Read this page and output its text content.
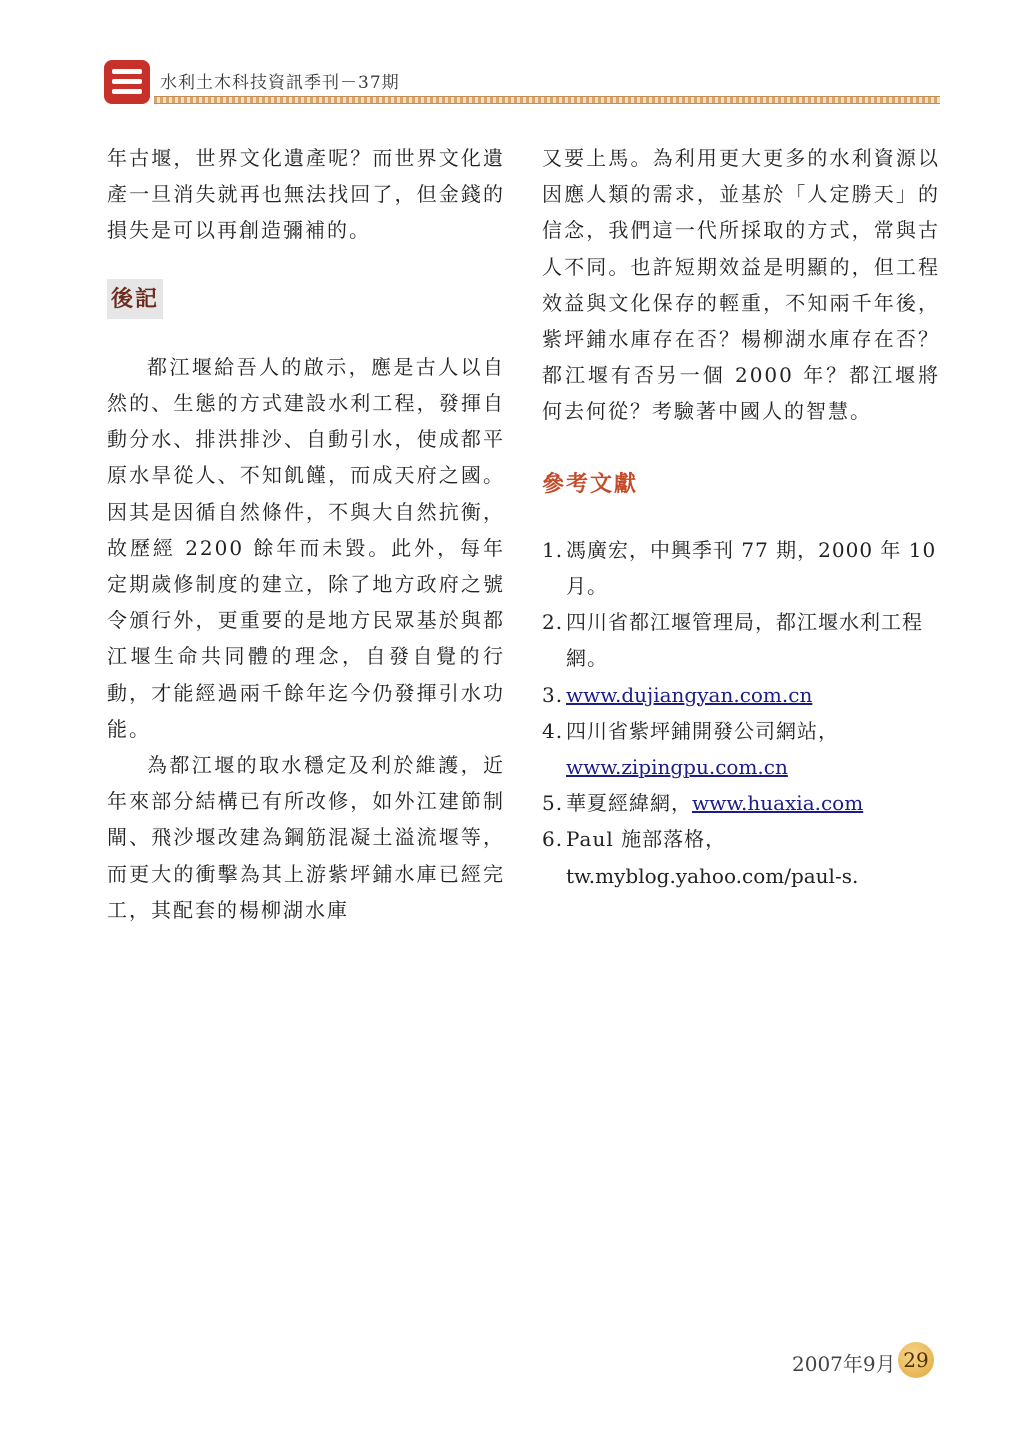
水利土木科技資訊季刊－37期

年古堰，世界文化遺產呢？而世界文化遺產一旦消失就再也無法找回了，但金錢的損失是可以再創造彌補的。

後記

都江堰給吾人的啟示，應是古人以自然的、生態的方式建設水利工程，發揮自動分水、排洪排沙、自動引水，使成都平原水旱從人、不知飢饉，而成天府之國。因其是因循自然條件，不與大自然抗衡，故歷經 2200 餘年而未毀。此外，每年定期歲修制度的建立，除了地方政府之號令頒行外，更重要的是地方民眾基於與都江堰生命共同體的理念，自發自覺的行動，才能經過兩千餘年迄今仍發揮引水功能。

為都江堰的取水穩定及利於維護，近年來部分結構已有所改修，如外江建節制閘、飛沙堰改建為鋼筋混凝土溢流堰等，而更大的衝擊為其上游紫坪鋪水庫已經完工，其配套的楊柳湖水庫

又要上馬。為利用更大更多的水利資源以因應人類的需求，並基於「人定勝天」的信念，我們這一代所採取的方式，常與古人不同。也許短期效益是明顯的，但工程效益與文化保存的輕重，不知兩千年後，紫坪鋪水庫存在否？楊柳湖水庫存在否？都江堰有否另一個 2000 年？都江堰將何去何從？考驗著中國人的智慧。

參考文獻
1. 馮廣宏，中興季刊 77 期，2000 年 10 月。
2. 四川省都江堰管理局，都江堰水利工程網。
3. www.dujiangyan.com.cn
4. 四川省紫坪鋪開發公司網站，
www.zipingpu.com.cn
5. 華夏經緯網，www.huaxia.com
6. Paul 施部落格，
tw.myblog.yahoo.com/paul-s.
2007年9月 29
